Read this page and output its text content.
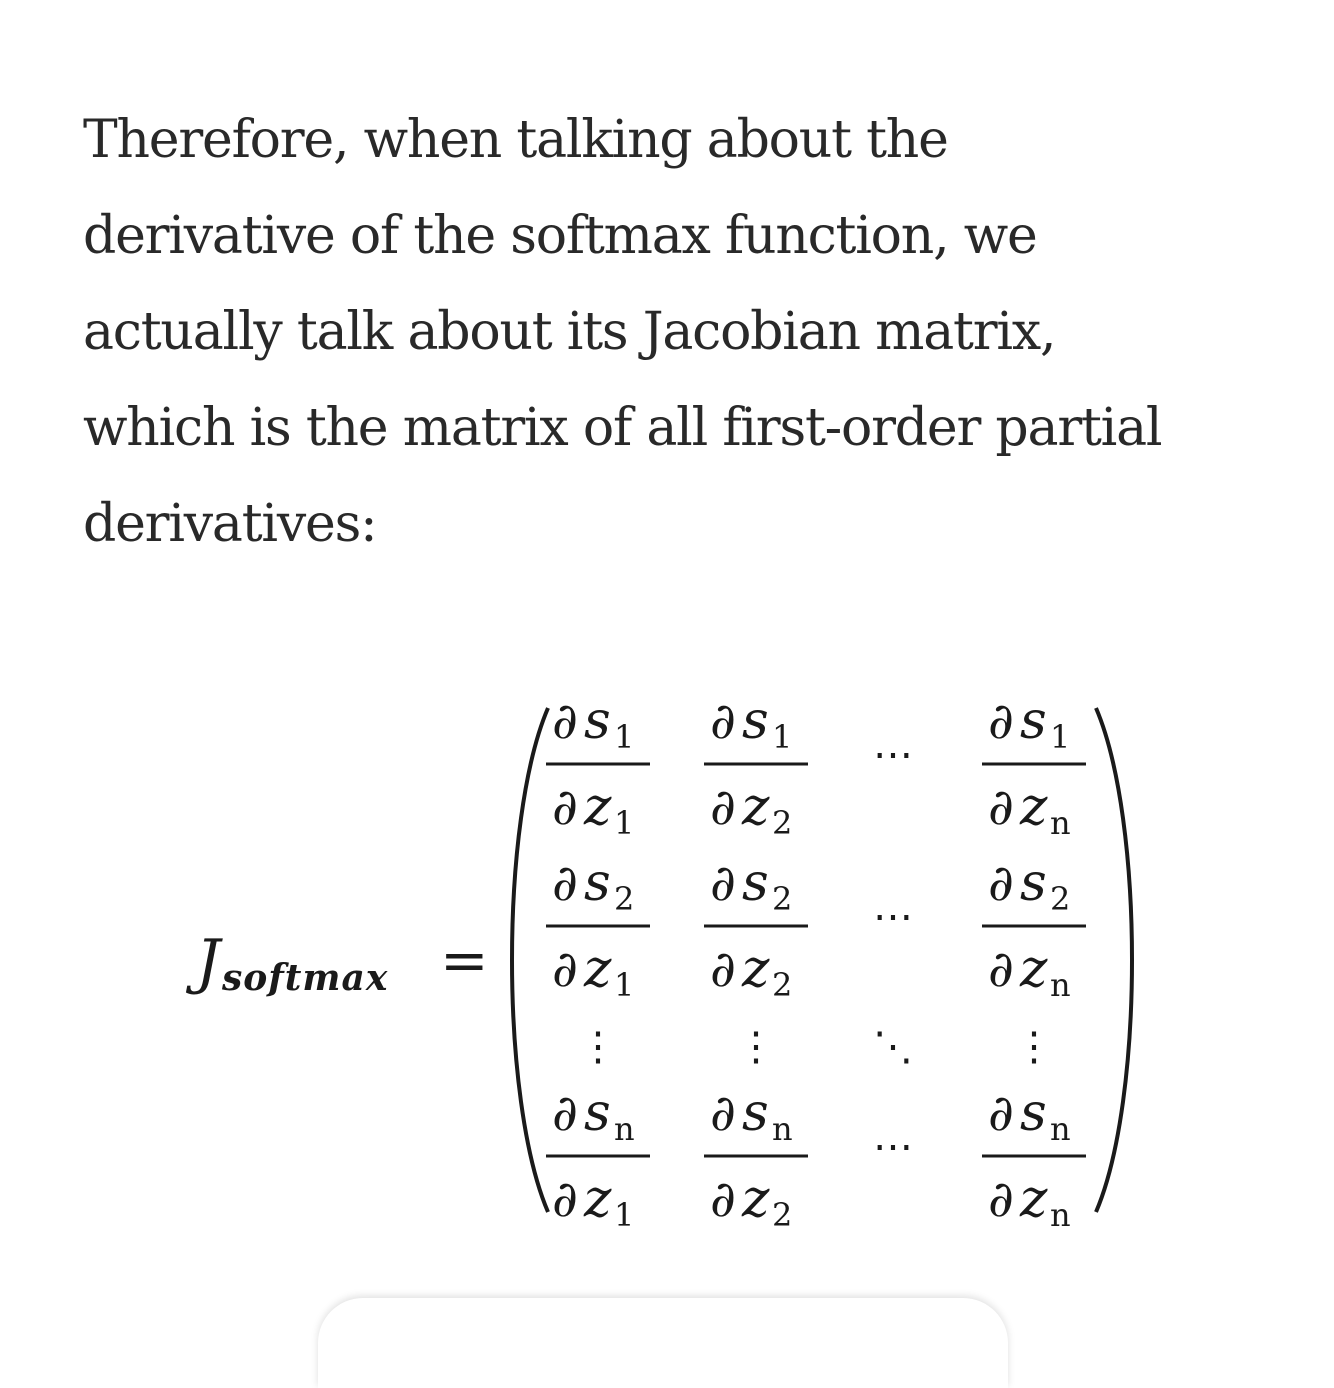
Therefore, when talking about the
derivative of the softmax function, we
actually talk about its Jacobian matrix,
which is the matrix of all first-order partial
derivatives:

J softmax =
∂ s 1
∂ z 1
∂ s 1
∂ z 2
∂ s 1
∂ z n
⋯
∂ s 2
∂ z 1
∂ s 2
∂ z 2
∂ s 2
∂ z n
⋯
∂ s n
∂ z 1
∂ s n
∂ z 2
∂ s n
∂ z n
⋯
⋮	⋮	⋮
⋱
